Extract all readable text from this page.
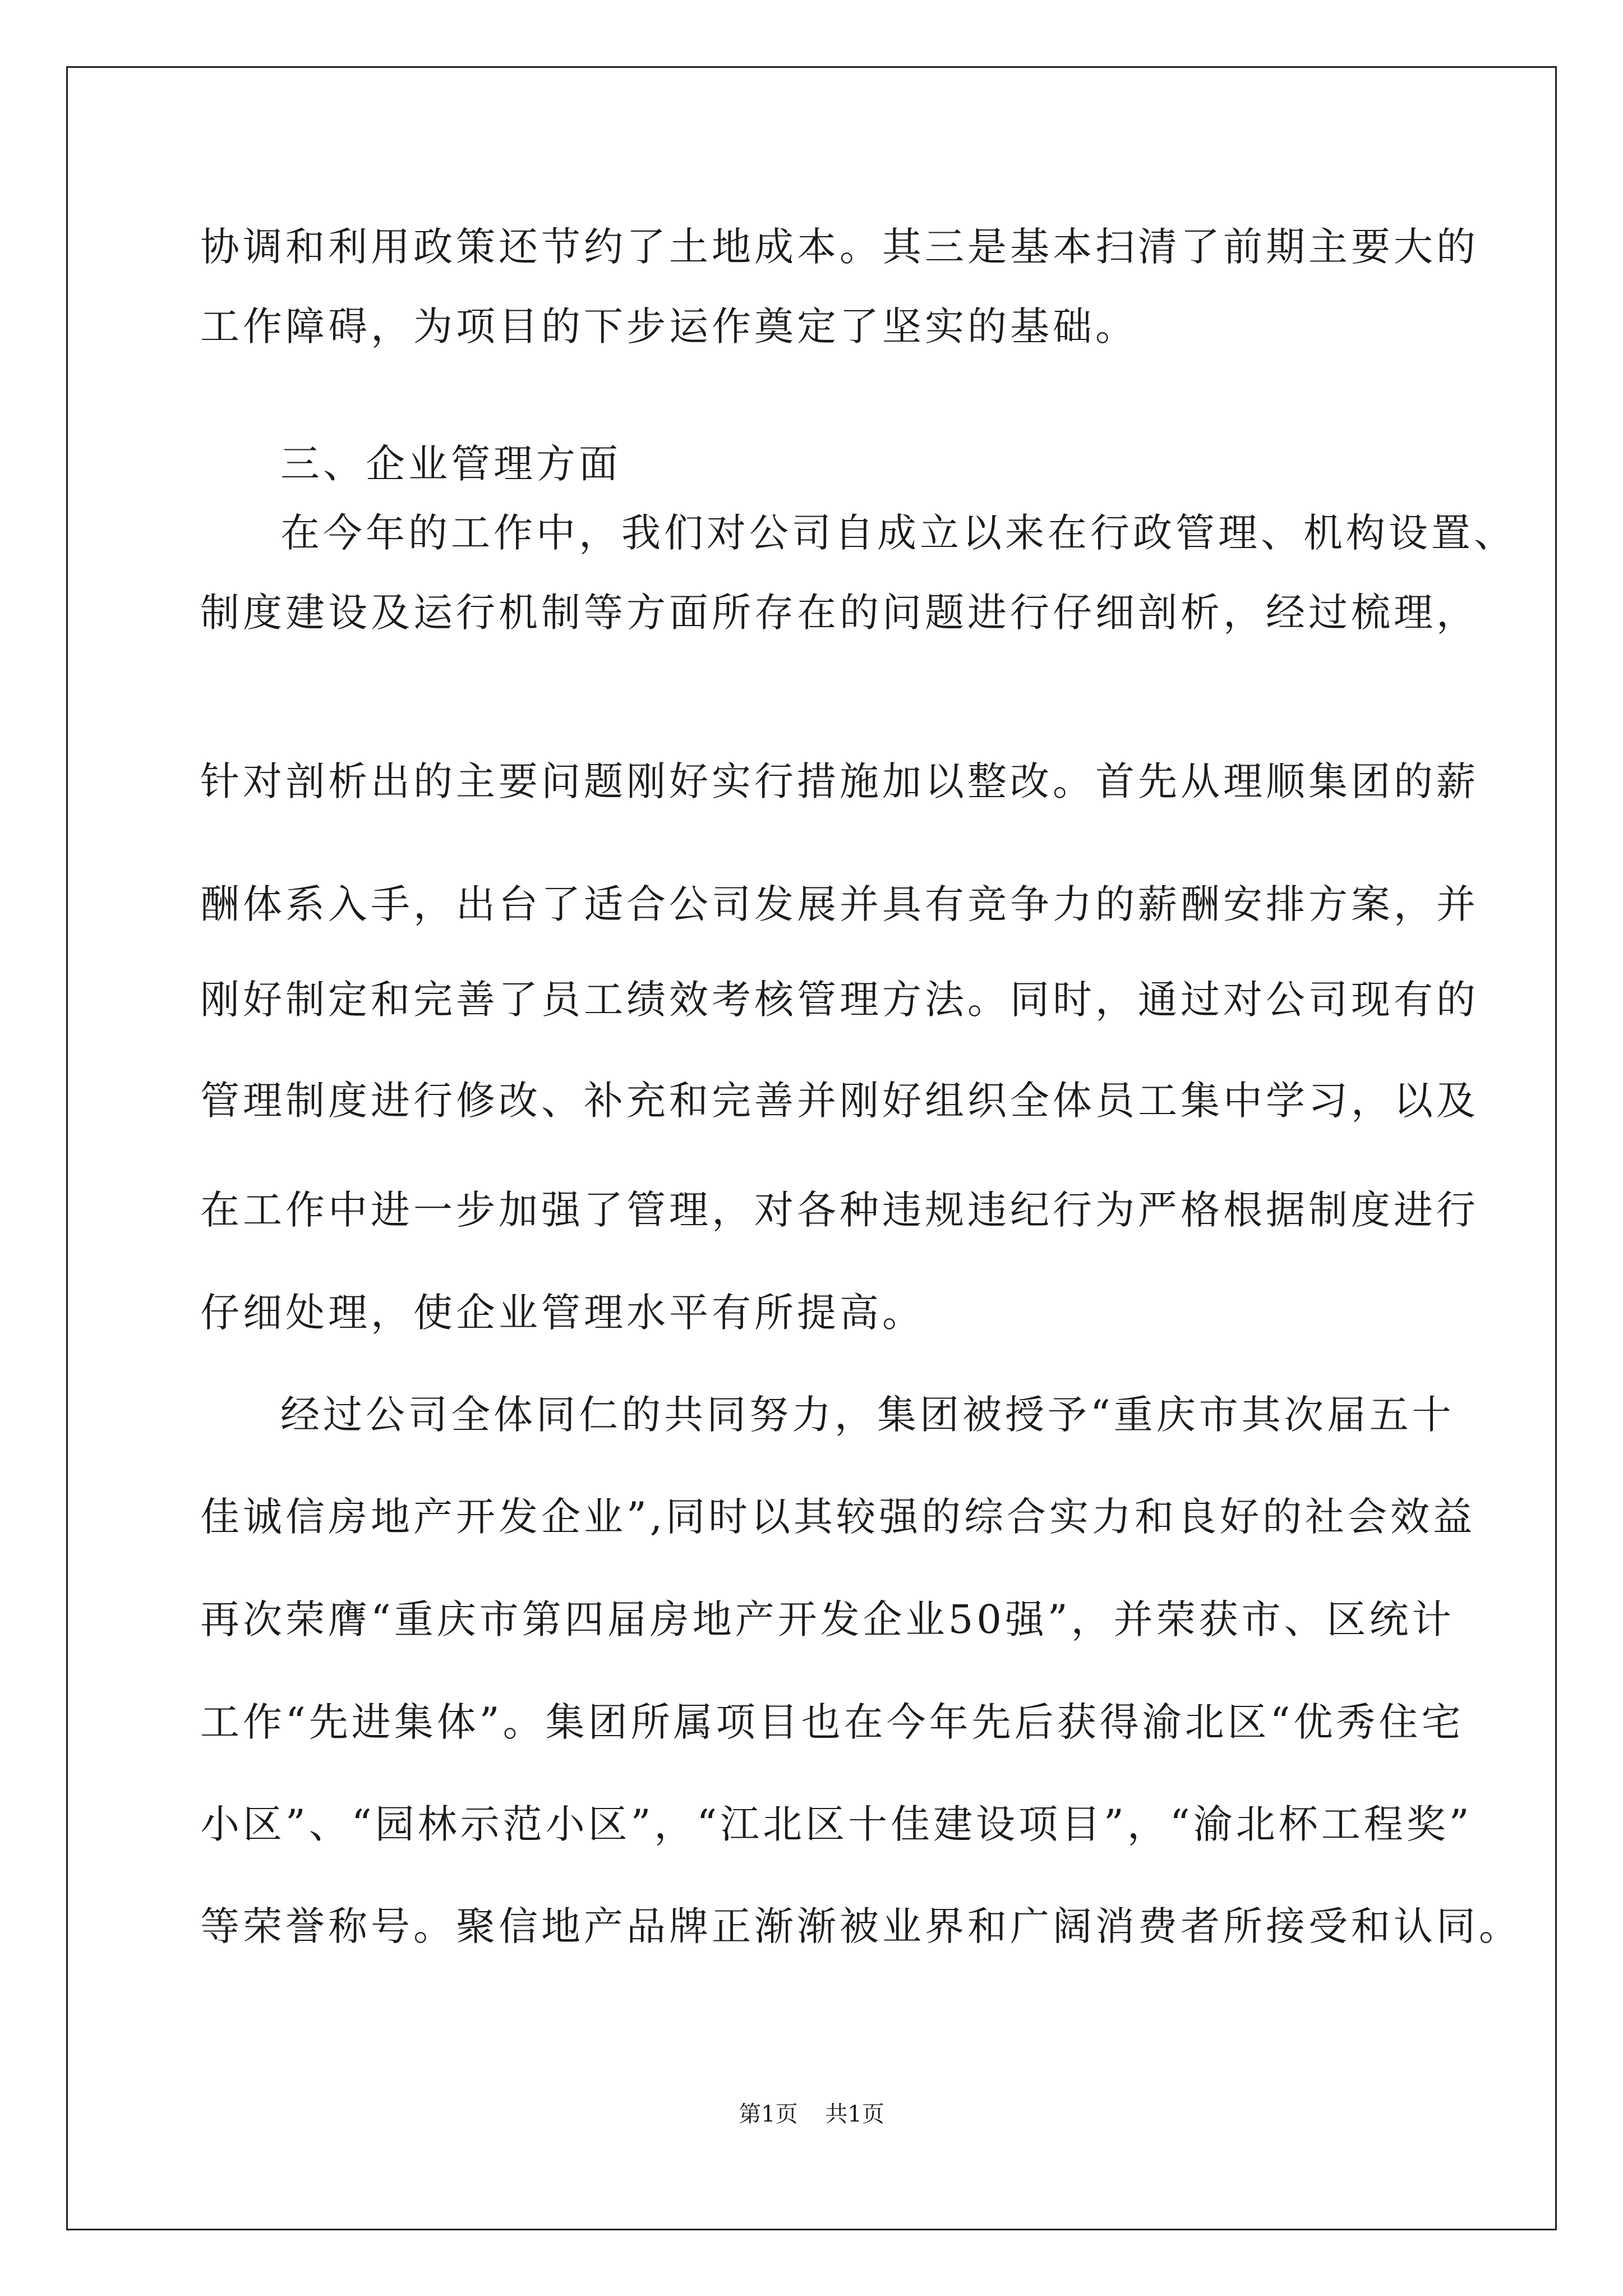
协调和利用政策还节约了土地成本。其三是基本扫清了前期主要大的
工作障碍，为项目的下步运作奠定了坚实的基础。
三、企业管理方面
在今年的工作中，我们对公司自成立以来在行政管理、机构设置、
制度建设及运行机制等方面所存在的问题进行仔细剖析，经过梳理，
针对剖析出的主要问题刚好实行措施加以整改。首先从理顺集团的薪
酬体系入手，出台了适合公司发展并具有竞争力的薪酬安排方案，并
刚好制定和完善了员工绩效考核管理方法。同时，通过对公司现有的
管理制度进行修改、补充和完善并刚好组织全体员工集中学习，以及
在工作中进一步加强了管理，对各种违规违纪行为严格根据制度进行
仔细处理，使企业管理水平有所提高。
经过公司全体同仁的共同努力，集团被授予“重庆市其次届五十
佳诚信房地产开发企业”,同时以其较强的综合实力和良好的社会效益
再次荣膺“重庆市第四届房地产开发企业50强”，并荣获市、区统计
工作“先进集体”。集团所属项目也在今年先后获得渝北区“优秀住宅
小区”、“园林示范小区”，“江北区十佳建设项目”，“渝北杯工程奖”
等荣誉称号。聚信地产品牌正渐渐被业界和广阔消费者所接受和认同。
第1页 共1页
